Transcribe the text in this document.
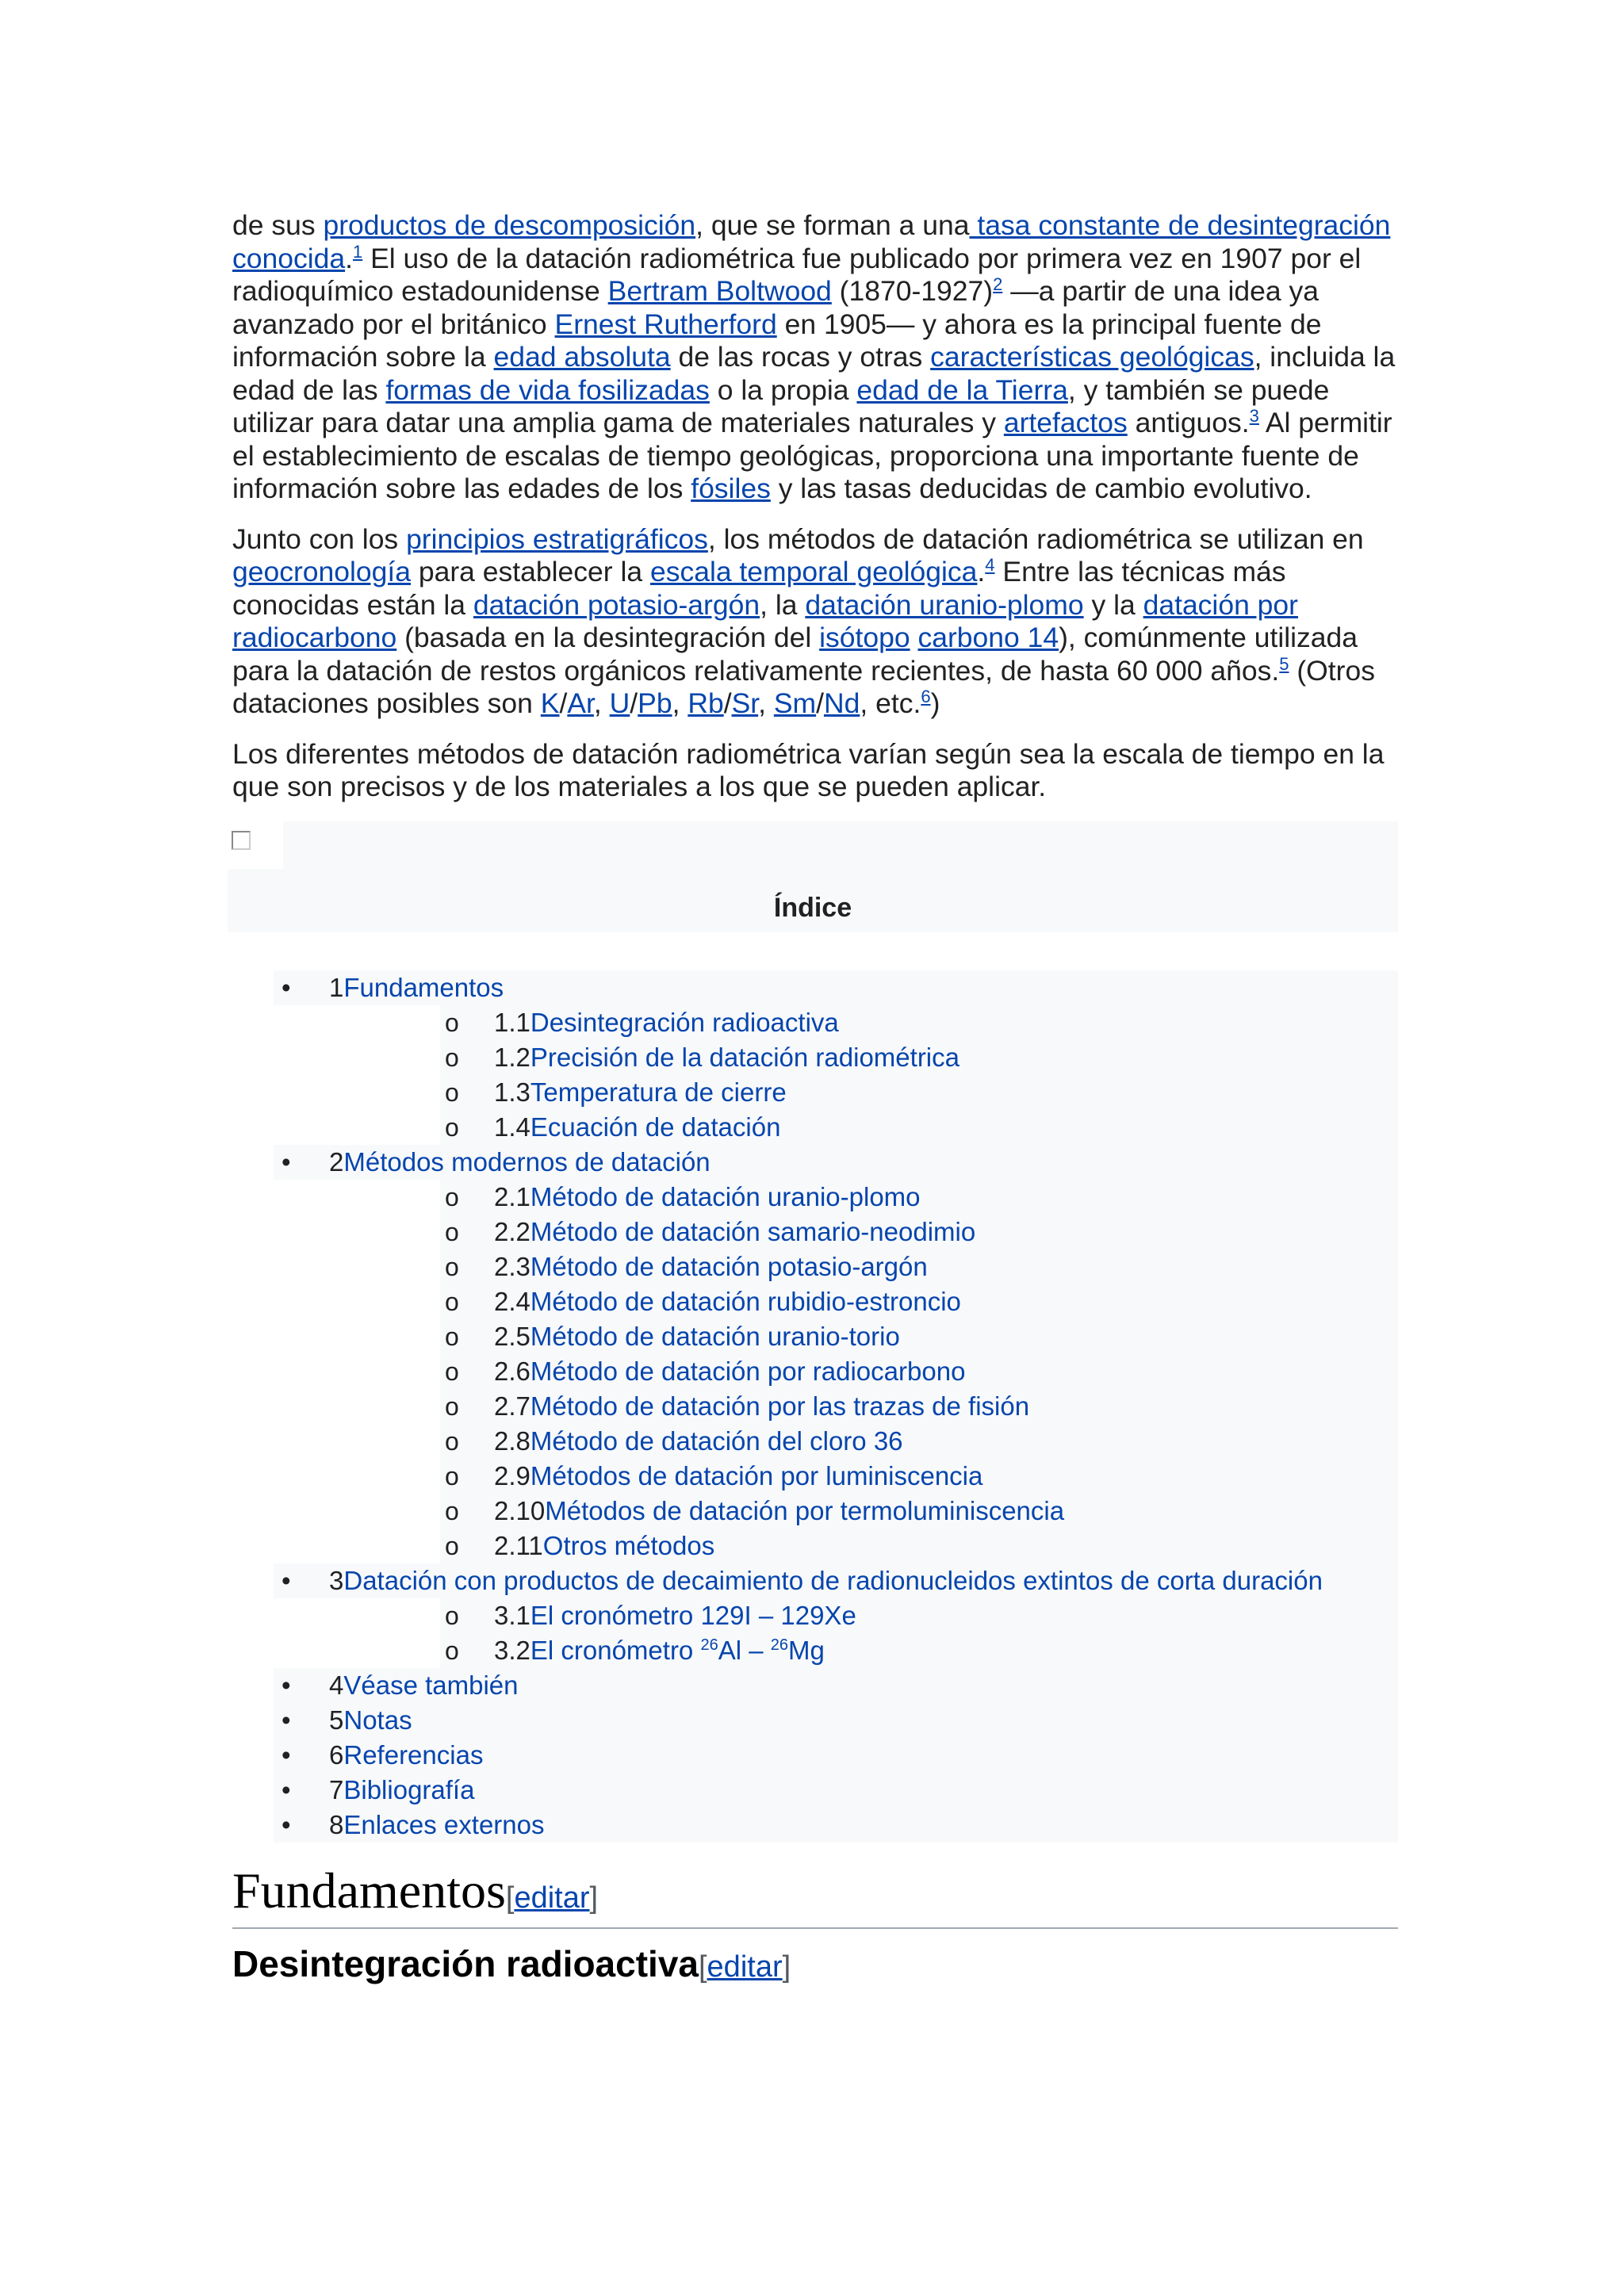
de sus productos de descomposición, que se forman a una tasa constante de desintegración conocida.$^1$ El uso de la datación radiométrica fue publicado por primera vez en 1907 por el radioquímico estadounidense Bertram Boltwood (1870-1927)$^2$ —a partir de una idea ya avanzado por el británico Ernest Rutherford en 1905— y ahora es la principal fuente de información sobre la edad absoluta de las rocas y otras características geológicas, incluida la edad de las formas de vida fosilizadas o la propia edad de la Tierra, y también se puede utilizar para datar una amplia gama de materiales naturales y artefactos antiguos.$^3$ Al permitir el establecimiento de escalas de tiempo geológicas, proporciona una importante fuente de información sobre las edades de los fósiles y las tasas deducidas de cambio evolutivo.

Junto con los principios estratigráficos, los métodos de datación radiométrica se utilizan en geocronología para establecer la escala temporal geológica.$^4$ Entre las técnicas más conocidas están la datación potasio-argón, la datación uranio-plomo y la datación por radiocarbono (basada en la desintegración del isótopo carbono 14), comúnmente utilizada para la datación de restos orgánicos relativamente recientes, de hasta 60 000 años.$^5$ (Otros dataciones posibles son K/Ar, U/Pb, Rb/Sr, Sm/Nd, etc.$^6$)

Los diferentes métodos de datación radiométrica varían según sea la escala de tiempo en la que son precisos y de los materiales a los que se pueden aplicar.

Índice
• 1Fundamentos
o 1.1Desintegración radioactiva
o 1.2Precisión de la datación radiométrica
o 1.3Temperatura de cierre
o 1.4Ecuación de datación
• 2Métodos modernos de datación
o 2.1Método de datación uranio-plomo
o 2.2Método de datación samario-neodimio
o 2.3Método de datación potasio-argón
o 2.4Método de datación rubidio-estroncio
o 2.5Método de datación uranio-torio
o 2.6Método de datación por radiocarbono
o 2.7Método de datación por las trazas de fisión
o 2.8Método de datación del cloro 36
o 2.9Métodos de datación por luminiscencia
o 2.10Métodos de datación por termoluminiscencia
o 2.11Otros métodos
• 3Datación con productos de decaimiento de radionucleidos extintos de corta duración
o 3.1El cronómetro 129I – 129Xe
o 3.2El cronómetro $^{26}$Al – $^{26}$Mg
• 4Véase también
• 5Notas
• 6Referencias
• 7Bibliografía
• 8Enlaces externos
Fundamentos[editar]
Desintegración radioactiva[editar]
